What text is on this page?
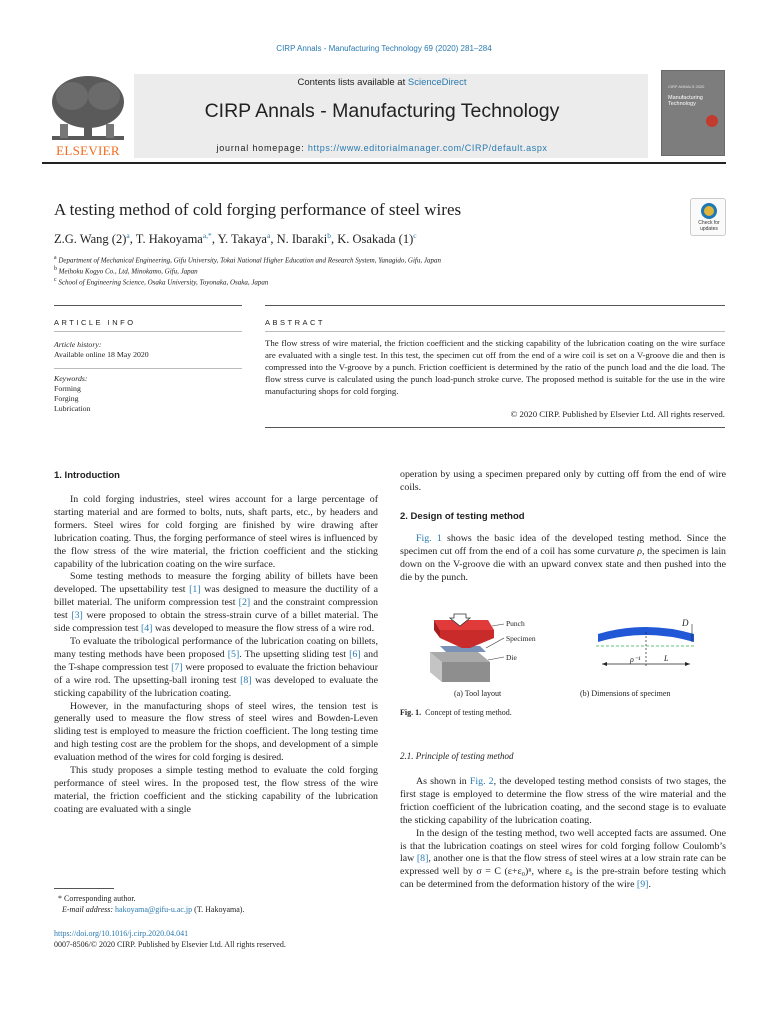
CIRP Annals - Manufacturing Technology 69 (2020) 281–284
Contents lists available at ScienceDirect
CIRP Annals - Manufacturing Technology
journal homepage: https://www.editorialmanager.com/CIRP/default.aspx
ELSEVIER
CIRP ANNALS 2020
Manufacturing Technology
A testing method of cold forging performance of steel wires
Check for updates
Z.G. Wang $(2)^a$, T. Hakoyama$^{a,*}$, Y. Takaya$^a$, N. Ibaraki$^b$, K. Osakada $(1)^c$
$^a$ Department of Mechanical Engineering, Gifu University, Tokai National Higher Education and Research System, Yanagido, Gifu, Japan
$^b$ Meihoku Kogyo Co., Ltd, Minokamo, Gifu, Japan
$^c$ School of Engineering Science, Osaka University, Toyonaka, Osaka, Japan
ARTICLE INFO
Article history:
Available online 18 May 2020
Keywords:
Forming
Forging
Lubrication
ABSTRACT
The flow stress of wire material, the friction coefficient and the sticking capability of the lubrication coating on the wire surface are evaluated with a single test. In this test, the specimen cut off from the end of a wire coil is set on a V-groove die and then is compressed into the V-groove by a punch. Friction coefficient is determined by the ratio of the punch load and the die load. The flow stress curve is calculated using the punch load-punch stroke curve. The proposed method is suitable for the use in the wire manufacturing shops for cold forging.
© 2020 CIRP. Published by Elsevier Ltd. All rights reserved.
1. Introduction

In cold forging industries, steel wires account for a large percentage of starting material and are formed to bolts, nuts, shaft parts, etc., by headers and formers. Steel wires for cold forging are finished by wire drawing after lubrication coating. Thus, the forging performance of steel wires is influenced by the flow stress of the wire material, the friction coefficient and the sticking capability of the lubrication coating on the wire surface.

Some testing methods to measure the forging ability of billets have been developed. The upsettability test [1] was designed to measure the ductility of a billet material. The uniform compression test [2] and the constraint compression test [3] were proposed to obtain the stress-strain curve of a billet material. The side compression test [4] was developed to measure the flow stress of a wire rod.

To evaluate the tribological performance of the lubrication coating on billets, many testing methods have been proposed [5]. The upsetting sliding test [6] and the T-shape compression test [7] were proposed to evaluate the friction behaviour of a wire rod. The upsetting-ball ironing test [8] was developed to evaluate the sticking capability of the lubrication coating.

However, in the manufacturing shops of steel wires, the tension test is generally used to measure the flow stress of steel wires and Bowden-Leven sliding test is employed to measure the friction coefficient. The long testing time and high testing cost are the problem for the shops, and development of a simple evaluation method of the wires for cold forging is desired.

This study proposes a simple testing method to evaluate the cold forging performance of steel wires. In the proposed test, the flow stress of the wire material, the friction coefficient and the sticking capability of the lubrication coating are evaluated with a single

* Corresponding author.
E-mail address: hakoyama@gifu-u.ac.jp (T. Hakoyama).
https://doi.org/10.1016/j.cirp.2020.04.041
0007-8506/© 2020 CIRP. Published by Elsevier Ltd. All rights reserved.

operation by using a specimen prepared only by cutting off from the end of wire coils.

2. Design of testing method

Fig. 1 shows the basic idea of the developed testing method. Since the specimen cut off from the end of a coil has some curvature ρ, the specimen is lain down on the V-groove die with an upward convex state and then pushed into the die by the punch.

Punch
Specimen
Die
(a) Tool layout
D
ρ⁻¹	L
(b) Dimensions of specimen
Fig. 1. Concept of testing method.
2.1. Principle of testing method

As shown in Fig. 2, the developed testing method consists of two stages, the first stage is employed to determine the flow stress of the wire material and the friction coefficient of the lubrication coating, and the second stage is to evaluate the sticking capability of the lubrication coating.

In the design of the testing method, two well accepted facts are assumed. One is that the lubrication coatings on steel wires for cold forging follow Coulomb’s law [8], another one is that the flow stress of steel wires at a low strain rate can be expressed well by σ = C (ε+ε₀)ⁿ, where ε₀ is the pre-strain before testing which can be determined from the deformation history of the wire [9].
